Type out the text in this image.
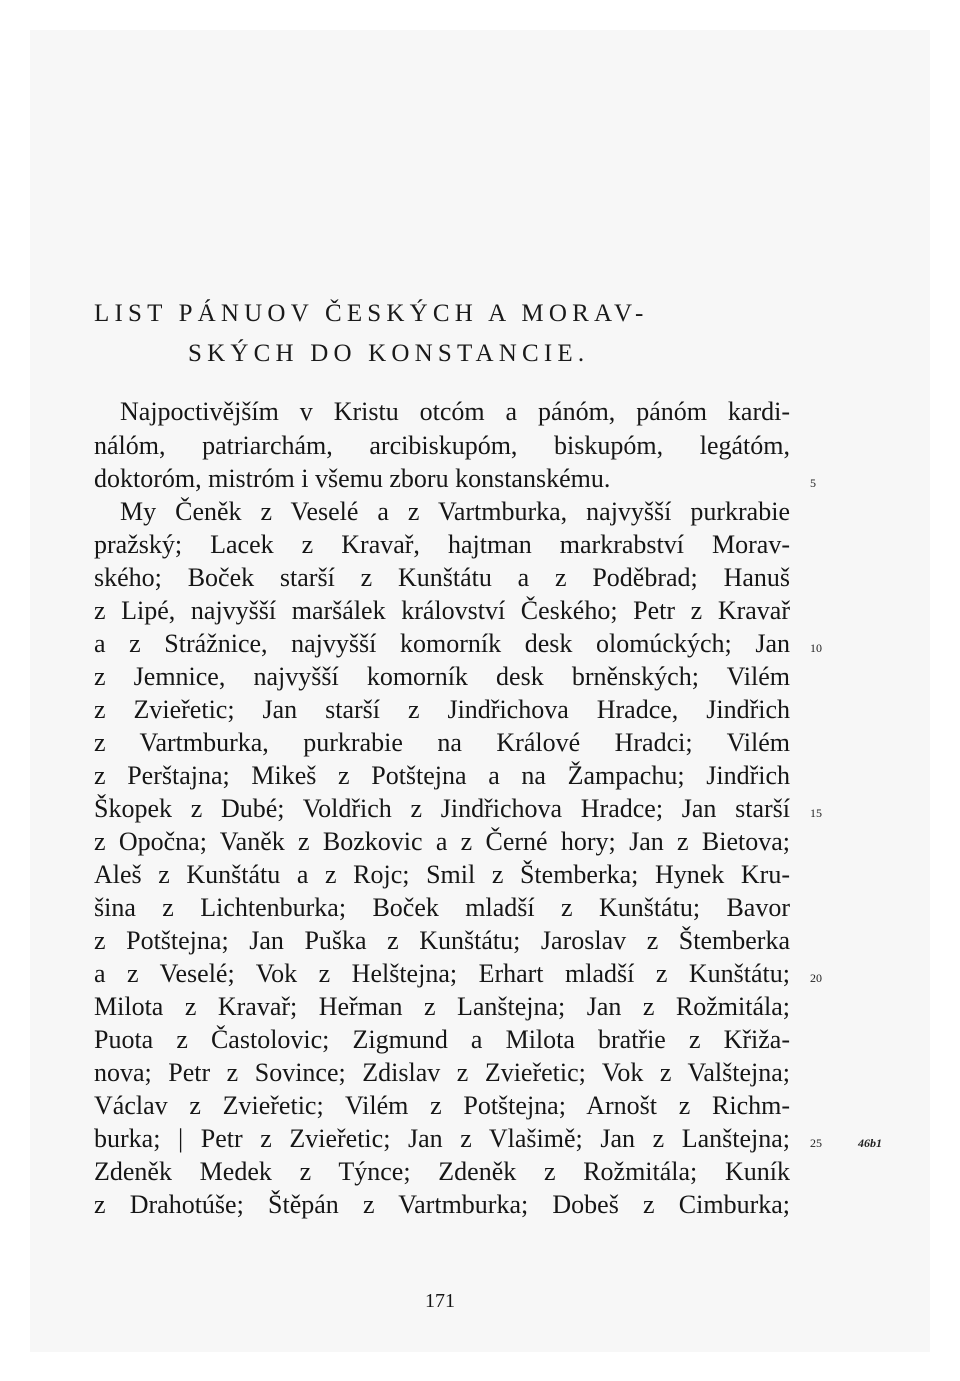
LIST PÁNUOV ČESKÝCH A MORAV-
SKÝCH DO KONSTANCIE.
Najpoctivějším v Kristu otcóm a pánóm, pánóm kardi-
nálóm, patriarchám, arcibiskupóm, biskupóm, legátóm,
doktoróm, mistróm i všemu zboru konstanskému.
My Čeněk z Veselé a z Vartmburka, najvyšší purkrabie
pražský; Lacek z Kravař, hajtman markrabství Morav-
ského; Boček starší z Kunštátu a z Poděbrad; Hanuš
z Lipé, najvyšší maršálek království Českého; Petr z Kravař
a z Strážnice, najvyšší komorník desk olomúckých; Jan
z Jemnice, najvyšší komorník desk brněnských; Vilém
z Zvieřetic; Jan starší z Jindřichova Hradce, Jindřich
z Vartmburka, purkrabie na Králové Hradci; Vilém
z Perštajna; Mikeš z Potštejna a na Žampachu; Jindřich
Škopek z Dubé; Voldřich z Jindřichova Hradce; Jan starší
z Opočna; Vaněk z Bozkovic a z Černé hory; Jan z Bietova;
Aleš z Kunštátu a z Rojc; Smil z Štemberka; Hynek Kru-
šina z Lichtenburka; Boček mladší z Kunštátu; Bavor
z Potštejna; Jan Puška z Kunštátu; Jaroslav z Štemberka
a z Veselé; Vok z Helštejna; Erhart mladší z Kunštátu;
Milota z Kravař; Heřman z Lanštejna; Jan z Rožmitála;
Puota z Častolovic; Zigmund a Milota bratřie z Křiža-
nova; Petr z Sovince; Zdislav z Zvieřetic; Vok z Valštejna;
Václav z Zvieřetic; Vilém z Potštejna; Arnošt z Richm-
burka; | Petr z Zvieřetic; Jan z Vlašimě; Jan z Lanštejna;
Zdeněk Medek z Týnce; Zdeněk z Rožmitála; Kuník
z Drahotúše; Štěpán z Vartmburka; Dobeš z Cimburka;
5
10
15
20
25	46b1
171
